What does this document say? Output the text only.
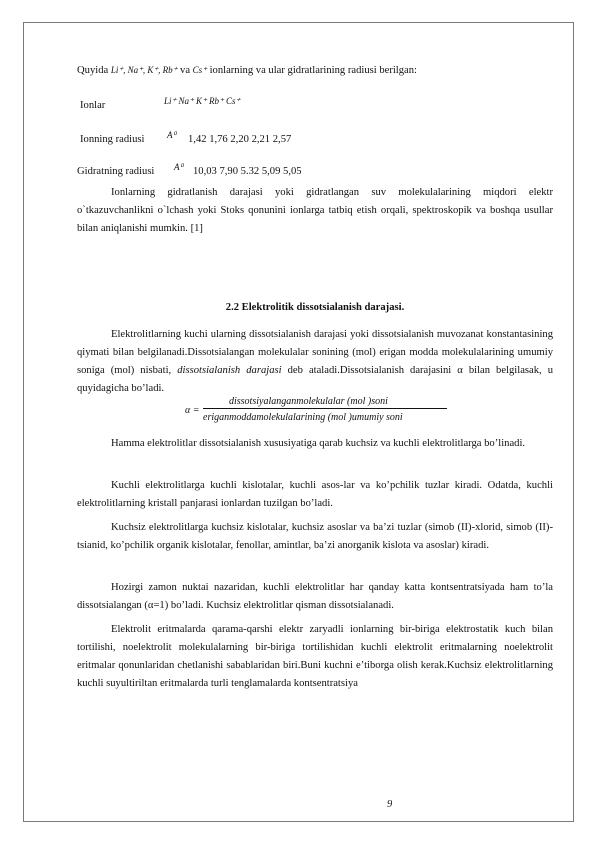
Quyida Li⁺, Na⁺, K⁺, Rb⁺ va Cs⁺ ionlarning va ular gidratlarining radiusi berilgan:
Ionlar	Li⁺ Na⁺ K⁺ Rb⁺ Cs⁺
Ionning radiusi	A⁰ 1,42 1,76 2,20 2,21 2,57
Gidratning radiusi A⁰ 10,03 7,90 5.32 5,09 5,05
Ionlarning gidratlanish darajasi yoki gidratlangan suv molekulalarining miqdori elektr o`tkazuvchanlikni o`lchash yoki Stoks qonunini ionlarga tatbiq etish orqali, spektroskopik va boshqa usullar bilan aniqlanishi mumkin. [1]
2.2 Elektrolitik dissotsialanish darajasi.
Elektrolitlarning kuchi ularning dissotsialanish darajasi yoki dissotsialanish muvozanat konstantasining qiymati bilan belgilanadi.Dissotsialangan molekulalar sonining (mol) erigan modda molekulalarining umumiy soniga (mol) nisbati, dissotsialanish darajasi deb ataladi.Dissotsialanish darajasini α bilan belgilasak, u quyidagicha bo’ladi.
α =
dissotsiyalanganmolekulalar (mol )soni
eriganmoddamolekulalarining (mol )umumiy soni
Hamma elektrolitlar dissotsialanish xususiyatiga qarab kuchsiz va kuchli elektrolitlarga bo’linadi.
Kuchli elektrolitlarga kuchli kislotalar, kuchli asos-lar va ko’pchilik tuzlar kiradi. Odatda, kuchli elektrolitlarning kristall panjarasi ionlardan tuzilgan bo’ladi.
Kuchsiz elektrolitlarga kuchsiz kislotalar, kuchsiz asoslar va ba’zi tuzlar (simob (II)-xlorid, simob (II)-tsianid, ko’pchilik organik kislotalar, fenollar, amintlar, ba’zi anorganik kislota va asoslar) kiradi.
Hozirgi zamon nuktai nazaridan, kuchli elektrolitlar har qanday katta kontsentratsiyada ham to’la dissotsialangan (α=1) bo’ladi. Kuchsiz elektrolitlar qisman dissotsialanadi.
Elektrolit eritmalarda qarama-qarshi elektr zaryadli ionlarning bir-biriga elektrostatik kuch bilan tortilishi, noelektrolit molekulalarning bir-biriga tortilishidan kuchli elektrolit eritmalarning noelektrolit eritmalar qonunlaridan chetlanishi sabablaridan biri.Buni kuchni e’tiborga olish kerak.Kuchsiz elektrolitlarning kuchli suyultiriltan eritmalarda turli tenglamalarda kontsentratsiya
9
